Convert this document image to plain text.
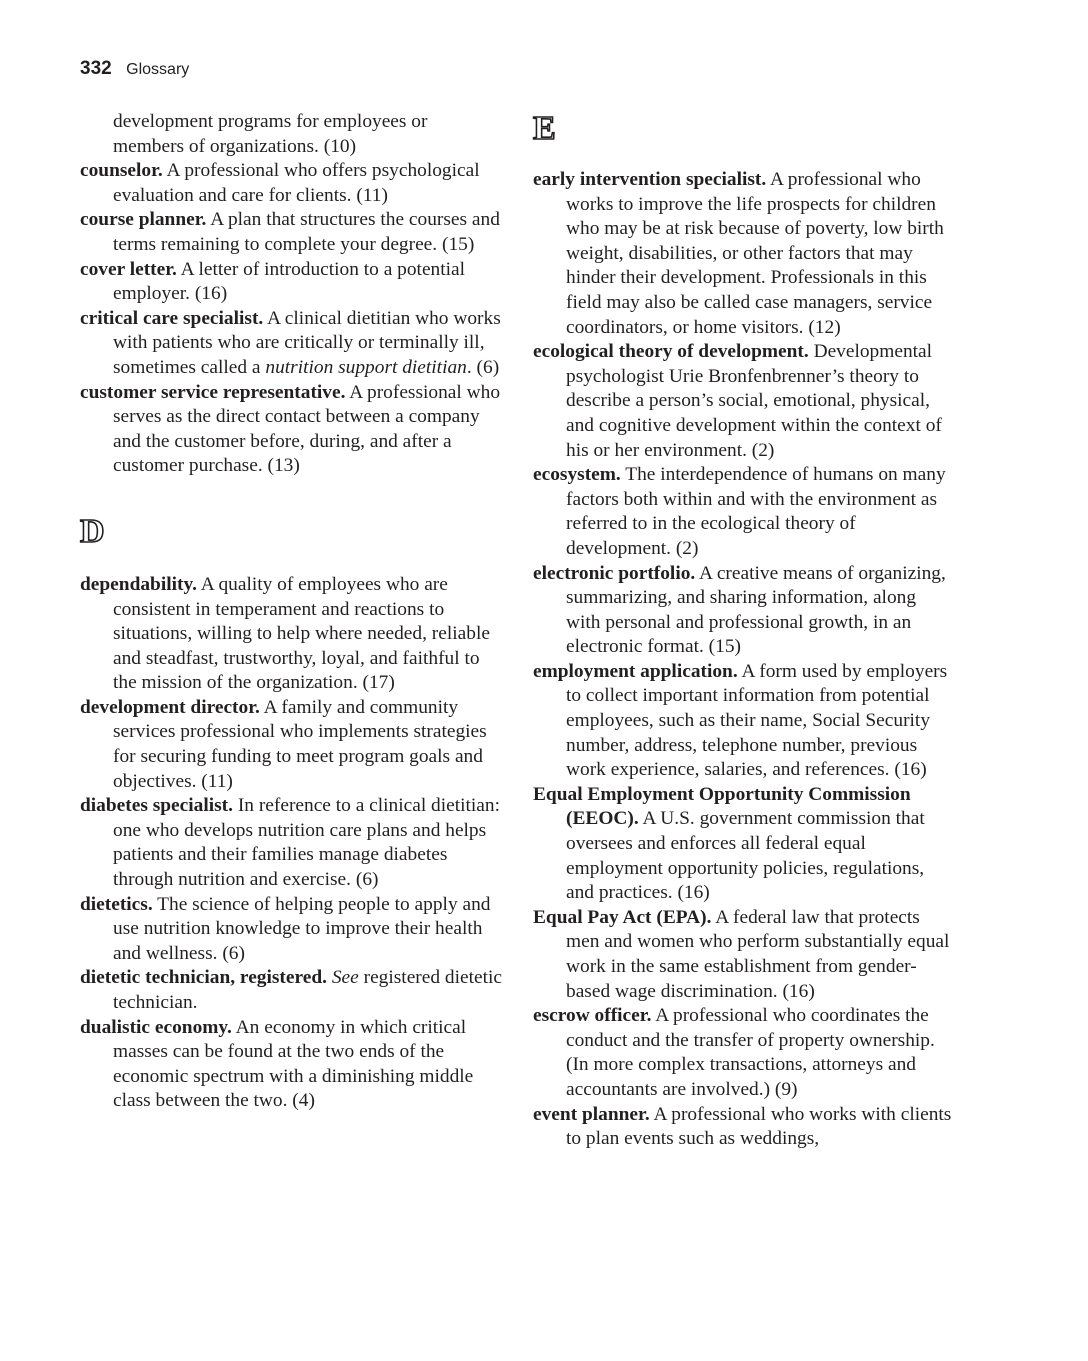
332 Glossary
development programs for employees or members of organizations. (10)
counselor. A professional who offers psychological evaluation and care for clients. (11)
course planner. A plan that structures the courses and terms remaining to complete your degree. (15)
cover letter. A letter of introduction to a potential employer. (16)
critical care specialist. A clinical dietitian who works with patients who are critically or terminally ill, sometimes called a nutrition support dietitian. (6)
customer service representative. A professional who serves as the direct contact between a company and the customer before, during, and after a customer purchase. (13)
D
dependability. A quality of employees who are consistent in temperament and reactions to situations, willing to help where needed, reliable and steadfast, trustworthy, loyal, and faithful to the mission of the organization. (17)
development director. A family and community services professional who implements strategies for securing funding to meet program goals and objectives. (11)
diabetes specialist. In reference to a clinical dietitian: one who develops nutrition care plans and helps patients and their families manage diabetes through nutrition and exercise. (6)
dietetics. The science of helping people to apply and use nutrition knowledge to improve their health and wellness. (6)
dietetic technician, registered. See registered dietetic technician.
dualistic economy. An economy in which critical masses can be found at the two ends of the economic spectrum with a diminishing middle class between the two. (4)
E
early intervention specialist. A professional who works to improve the life prospects for children who may be at risk because of poverty, low birth weight, disabilities, or other factors that may hinder their development. Professionals in this field may also be called case managers, service coordinators, or home visitors. (12)
ecological theory of development. Developmental psychologist Urie Bronfenbrenner’s theory to describe a person’s social, emotional, physical, and cognitive development within the context of his or her environment. (2)
ecosystem. The interdependence of humans on many factors both within and with the environment as referred to in the ecological theory of development. (2)
electronic portfolio. A creative means of organizing, summarizing, and sharing information, along with personal and professional growth, in an electronic format. (15)
employment application. A form used by employers to collect important information from potential employees, such as their name, Social Security number, address, telephone number, previous work experience, salaries, and references. (16)
Equal Employment Opportunity Commission (EEOC). A U.S. government commission that oversees and enforces all federal equal employment opportunity policies, regulations, and practices. (16)
Equal Pay Act (EPA). A federal law that protects men and women who perform substantially equal work in the same establishment from gender-based wage discrimination. (16)
escrow officer. A professional who coordinates the conduct and the transfer of property ownership. (In more complex transactions, attorneys and accountants are involved.) (9)
event planner. A professional who works with clients to plan events such as weddings,
